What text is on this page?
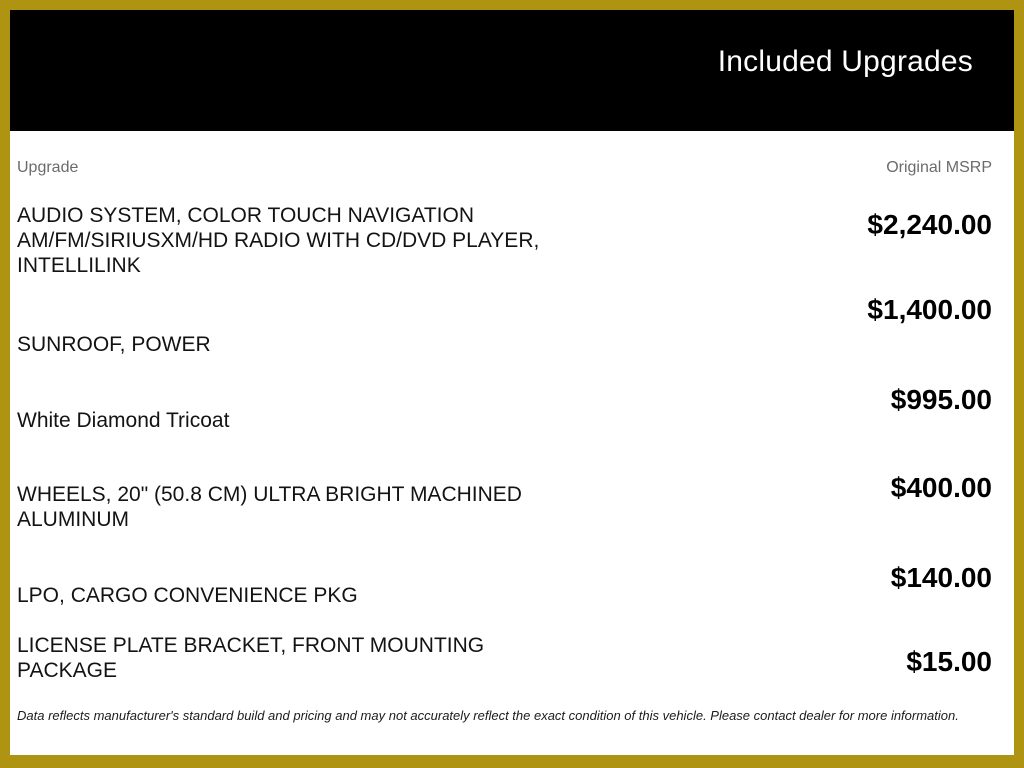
Included Upgrades
Upgrade	Original MSRP
AUDIO SYSTEM, COLOR TOUCH NAVIGATION AM/FM/SIRIUSXM/HD RADIO WITH CD/DVD PLAYER, INTELLILINK
$2,240.00
SUNROOF, POWER
$1,400.00
White Diamond Tricoat
$995.00
WHEELS, 20" (50.8 CM) ULTRA BRIGHT MACHINED ALUMINUM
$400.00
LPO, CARGO CONVENIENCE PKG
$140.00
LICENSE PLATE BRACKET, FRONT MOUNTING PACKAGE	$15.00

Data reflects manufacturer's standard build and pricing and may not accurately reflect the exact condition of this vehicle. Please contact dealer for more information.
